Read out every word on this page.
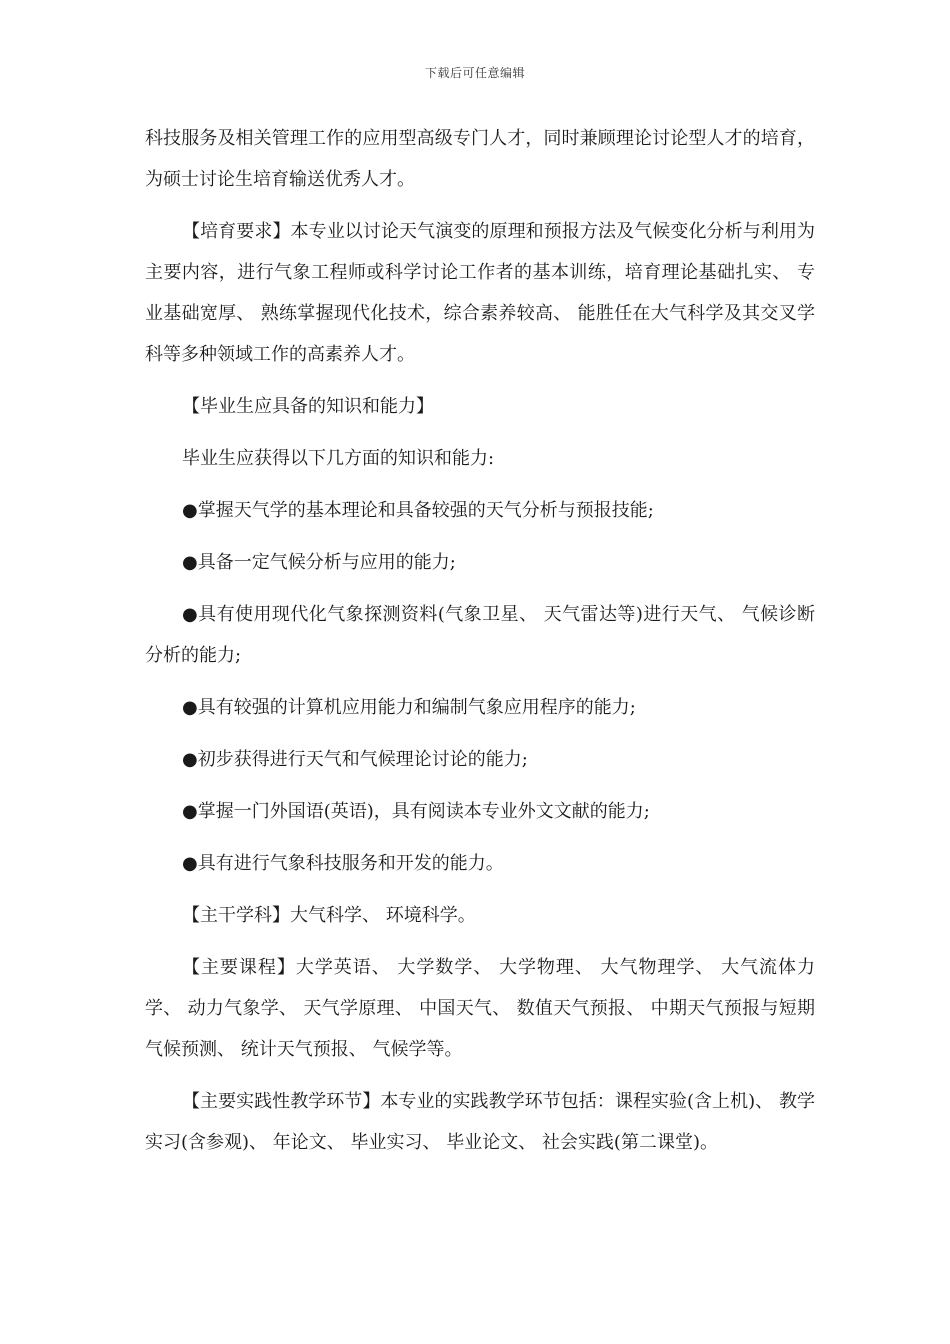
下载后可任意编辑

科技服务及相关管理工作的应用型高级专门人才，同时兼顾理论讨论型人才的培育，为硕士讨论生培育输送优秀人才。

【培育要求】本专业以讨论天气演变的原理和预报方法及气候变化分析与利用为主要内容，进行气象工程师或科学讨论工作者的基本训练，培育理论基础扎实、 专业基础宽厚、 熟练掌握现代化技术，综合素养较高、 能胜任在大气科学及其交叉学科等多种领域工作的高素养人才。

【毕业生应具备的知识和能力】

毕业生应获得以下几方面的知识和能力:

●掌握天气学的基本理论和具备较强的天气分析与预报技能;

●具备一定气候分析与应用的能力;

●具有使用现代化气象探测资料(气象卫星、 天气雷达等)进行天气、 气候诊断分析的能力;

●具有较强的计算机应用能力和编制气象应用程序的能力;

●初步获得进行天气和气候理论讨论的能力;

●掌握一门外国语(英语)，具有阅读本专业外文文献的能力;

●具有进行气象科技服务和开发的能力。

【主干学科】大气科学、 环境科学。

【主要课程】大学英语、 大学数学、 大学物理、 大气物理学、 大气流体力学、 动力气象学、 天气学原理、 中国天气、 数值天气预报、 中期天气预报与短期气候预测、 统计天气预报、 气候学等。

【主要实践性教学环节】本专业的实践教学环节包括：课程实验(含上机)、 教学实习(含参观)、 年论文、 毕业实习、 毕业论文、 社会实践(第二课堂)。
